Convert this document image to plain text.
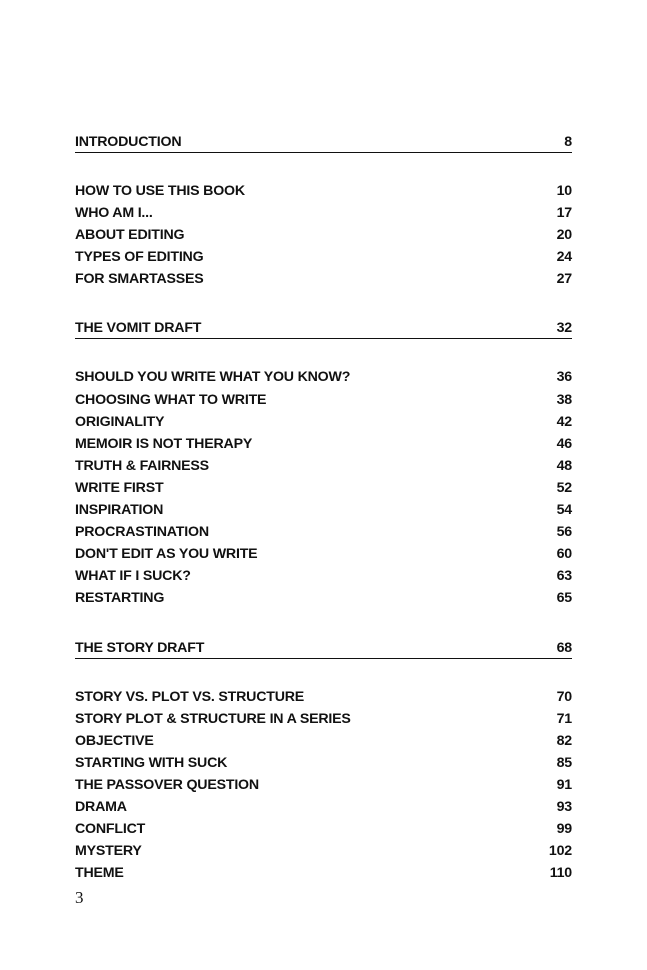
INTRODUCTION	8
HOW TO USE THIS BOOK	10
WHO AM I...	17
ABOUT EDITING	20
TYPES OF EDITING	24
FOR SMARTASSES	27
THE VOMIT DRAFT	32
SHOULD YOU WRITE WHAT YOU KNOW?	36
CHOOSING WHAT TO WRITE	38
ORIGINALITY	42
MEMOIR IS NOT THERAPY	46
TRUTH & FAIRNESS	48
WRITE FIRST	52
INSPIRATION	54
PROCRASTINATION	56
DON'T EDIT AS YOU WRITE	60
WHAT IF I SUCK?	63
RESTARTING	65
THE STORY DRAFT	68
STORY VS. PLOT VS. STRUCTURE	70
STORY PLOT & STRUCTURE IN A SERIES	71
OBJECTIVE	82
STARTING WITH SUCK	85
THE PASSOVER QUESTION	91
DRAMA	93
CONFLICT	99
MYSTERY	102
THEME	110
3
